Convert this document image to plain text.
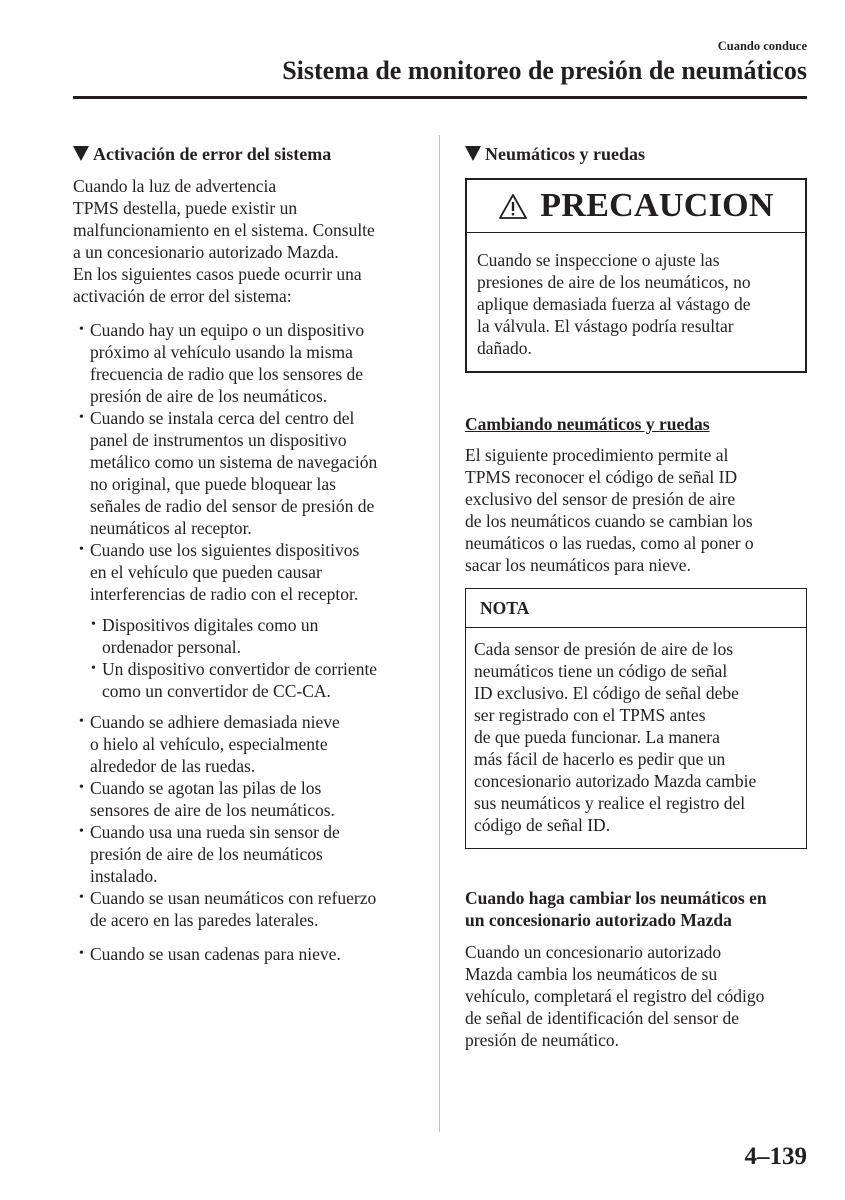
Cuando conduce
Sistema de monitoreo de presión de neumáticos
Activación de error del sistema

Cuando la luz de advertencia
TPMS destella, puede existir un
malfuncionamiento en el sistema. Consulte
a un concesionario autorizado Mazda.
En los siguientes casos puede ocurrir una
activación de error del sistema:

• Cuando hay un equipo o un dispositivo
próximo al vehículo usando la misma
frecuencia de radio que los sensores de
presión de aire de los neumáticos.
• Cuando se instala cerca del centro del
panel de instrumentos un dispositivo
metálico como un sistema de navegación
no original, que puede bloquear las
señales de radio del sensor de presión de
neumáticos al receptor.
• Cuando use los siguientes dispositivos
en el vehículo que pueden causar
interferencias de radio con el receptor.
• Dispositivos digitales como un
ordenador personal.
• Un dispositivo convertidor de corriente
como un convertidor de CC-CA.
• Cuando se adhiere demasiada nieve
o hielo al vehículo, especialmente
alrededor de las ruedas.
• Cuando se agotan las pilas de los
sensores de aire de los neumáticos.
• Cuando usa una rueda sin sensor de
presión de aire de los neumáticos
instalado.
• Cuando se usan neumáticos con refuerzo
de acero en las paredes laterales.
• Cuando se usan cadenas para nieve.
Neumáticos y ruedas
PRECAUCION

Cuando se inspeccione o ajuste las
presiones de aire de los neumáticos, no
aplique demasiada fuerza al vástago de
la válvula. El vástago podría resultar
dañado.

Cambiando neumáticos y ruedas

El siguiente procedimiento permite al
TPMS reconocer el código de señal ID
exclusivo del sensor de presión de aire
de los neumáticos cuando se cambian los
neumáticos o las ruedas, como al poner o
sacar los neumáticos para nieve.

NOTA

Cada sensor de presión de aire de los
neumáticos tiene un código de señal
ID exclusivo. El código de señal debe
ser registrado con el TPMS antes
de que pueda funcionar. La manera
más fácil de hacerlo es pedir que un
concesionario autorizado Mazda cambie
sus neumáticos y realice el registro del
código de señal ID.

Cuando haga cambiar los neumáticos en
un concesionario autorizado Mazda

Cuando un concesionario autorizado
Mazda cambia los neumáticos de su
vehículo, completará el registro del código
de señal de identificación del sensor de
presión de neumático.

4–139
